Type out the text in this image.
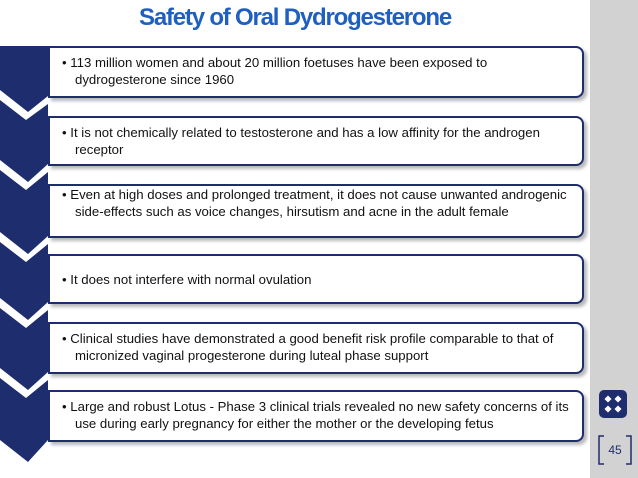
Safety of Oral Dydrogesterone
• 113 million women and about 20 million foetuses have been exposed to dydrogesterone since 1960
• It is not chemically related to testosterone and has a low affinity for the androgen receptor
• Even at high doses and prolonged treatment, it does not cause unwanted androgenic side-effects such as voice changes, hirsutism and acne in the adult female
• It does not interfere with normal ovulation
• Clinical studies have demonstrated a good benefit risk profile comparable to that of micronized vaginal progesterone during luteal phase support
• Large and robust Lotus - Phase 3 clinical trials revealed no new safety concerns of its use during early pregnancy for either the mother or the developing fetus
45
